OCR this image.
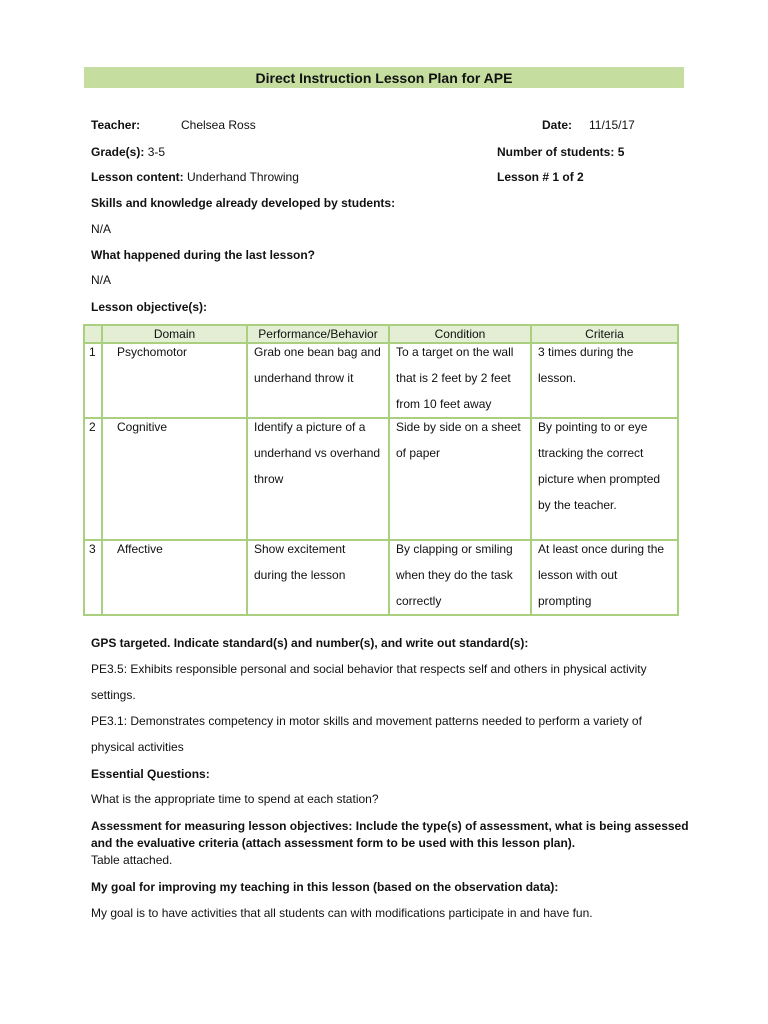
Direct Instruction Lesson Plan for APE
Teacher:	Chelsea Ross	Date: 11/15/17
Grade(s): 3-5	Number of students: 5
Lesson content: Underhand Throwing	Lesson # 1 of 2
Skills and knowledge already developed by students:
N/A
What happened during the last lesson?
N/A
Lesson objective(s):
	Domain	Performance/Behavior	Condition	Criteria

1	Psychomotor	Grab one bean bag and underhand throw it	To a target on the wall that is 2 feet by 2 feet from 10 feet away	3 times during the lesson.

2	Cognitive	Identify a picture of a underhand vs overhand throw	Side by side on a sheet of paper	By pointing to or eye ttracking the correct picture when prompted by the teacher.

3	Affective	Show excitement during the lesson	By clapping or smiling when they do the task correctly	At least once during the lesson with out prompting
GPS targeted. Indicate standard(s) and number(s), and write out standard(s):
PE3.5: Exhibits responsible personal and social behavior that respects self and others in physical activity
settings.
PE3.1: Demonstrates competency in motor skills and movement patterns needed to perform a variety of
physical activities
Essential Questions:
What is the appropriate time to spend at each station?
Assessment for measuring lesson objectives: Include the type(s) of assessment, what is being assessed
and the evaluative criteria (attach assessment form to be used with this lesson plan).
Table attached.
My goal for improving my teaching in this lesson (based on the observation data):
My goal is to have activities that all students can with modifications participate in and have fun.
